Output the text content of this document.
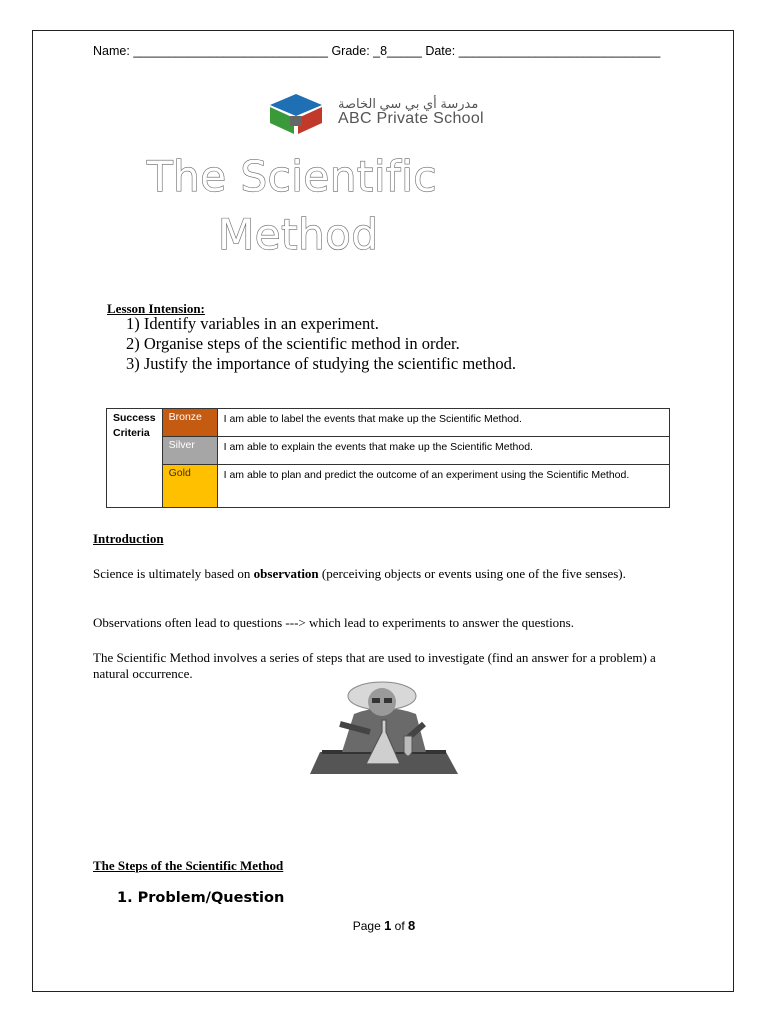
Name: ____________________________ Grade: _8_____ Date: _____________________________
مدرسة أي بي سي الخاصة
ABC Private School
The Scientific
Method
Lesson Intension:
1) Identify variables in an experiment.
2) Organise steps of the scientific method in order.
3) Justify the importance of studying the scientific method.
Success Criteria	Bronze	I am able to label the events that make up the Scientific Method.
	Silver	I am able to explain the events that make up the Scientific Method.
	Gold	I am able to plan and predict the outcome of an experiment using the Scientific Method.
Introduction
Science is ultimately based on observation (perceiving objects or events using one of the five senses).
Observations often lead to questions ---> which lead to experiments to answer the questions.
The Scientific Method involves a series of steps that are used to investigate (find an answer for a problem) a natural occurrence.
The Steps of the Scientific Method
1. Problem/Question
Page 1 of 8
